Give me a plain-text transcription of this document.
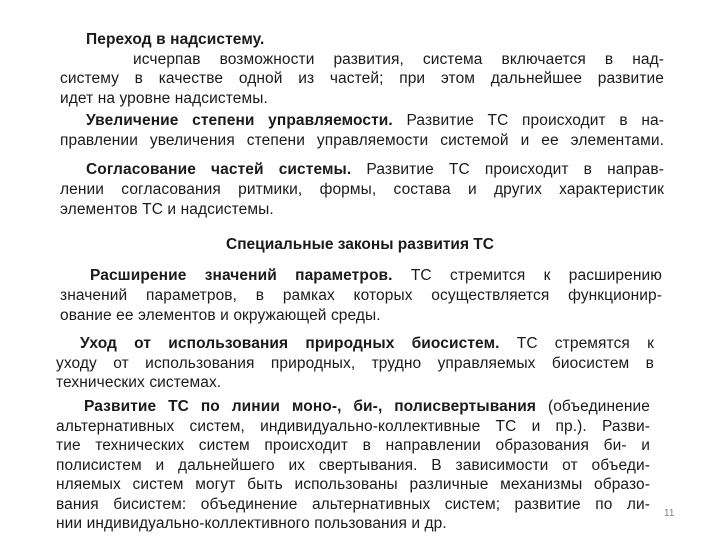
Переход в надсистему.
исчерпав возможности развития, система включается в над-
систему в качестве одной из частей; при этом дальнейшее развитие
идет на уровне надсистемы.
Увеличение степени управляемости. Развитие ТС происходит в на-
правлении увеличения степени управляемости системой и ее элементами.
Согласование частей системы. Развитие ТС происходит в направ-
лении согласования ритмики, формы, состава и других характеристик
элементов ТС и надсистемы.
Специальные законы развития ТС
Расширение значений параметров. ТС стремится к расширению
значений параметров, в рамках которых осуществляется функционир-
ование ее элементов и окружающей среды.
Уход от использования природных биосистем. ТС стремятся к
уходу от использования природных, трудно управляемых биосистем в
технических системах.
Развитие ТС по линии моно-, би-, полисвертывания (объединение
альтернативных систем, индивидуально-коллективные ТС и пр.). Разви-
тие технических систем происходит в направлении образования би- и
полисистем и дальнейшего их свертывания. В зависимости от объеди-
нляемых систем могут быть использованы различные механизмы образо-
вания бисистем: объединение альтернативных систем; развитие по ли-
нии индивидуально-коллективного пользования и др.
11
